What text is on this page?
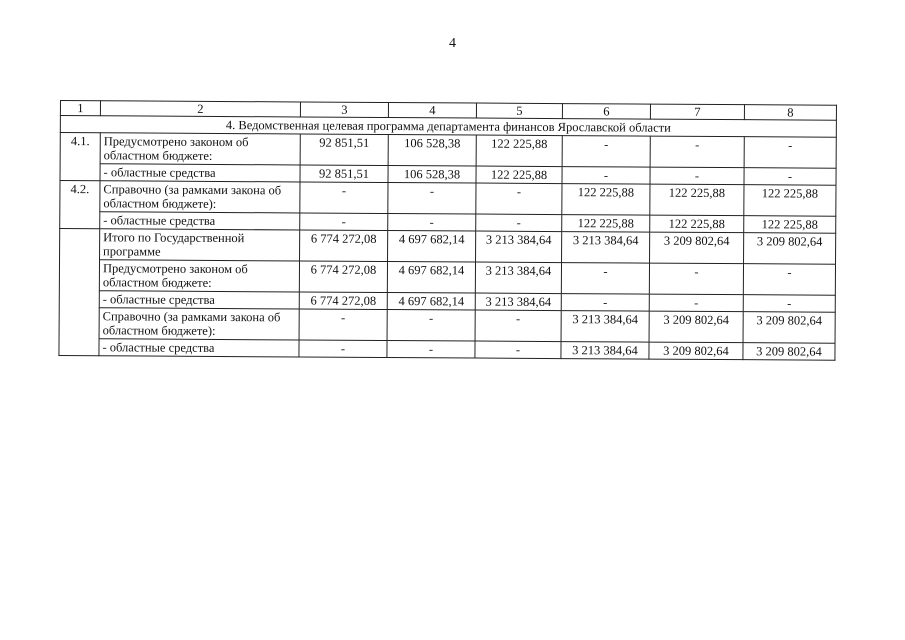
4
1	2	3	4	5	6	7	8
4. Ведомственная целевая программа департамента финансов Ярославской области							
4.1.	Предусмотрено законом об областном бюджете:	92 851,51	106 528,38	122 225,88	-	-	-
	- областные средства	92 851,51	106 528,38	122 225,88	-	-	-
4.2.	Справочно (за рамками закона об областном бюджете):	-	-	-	122 225,88	122 225,88	122 225,88
	- областные средства	-	-	-	122 225,88	122 225,88	122 225,88
	Итого по Государственной программе	6 774 272,08	4 697 682,14	3 213 384,64	3 213 384,64	3 209 802,64	3 209 802,64
	Предусмотрено законом об областном бюджете:	6 774 272,08	4 697 682,14	3 213 384,64	-	-	-
	- областные средства	6 774 272,08	4 697 682,14	3 213 384,64	-	-	-
	Справочно (за рамками закона об областном бюджете):	-	-	-	3 213 384,64	3 209 802,64	3 209 802,64
	- областные средства	-	-	-	3 213 384,64	3 209 802,64	3 209 802,64
